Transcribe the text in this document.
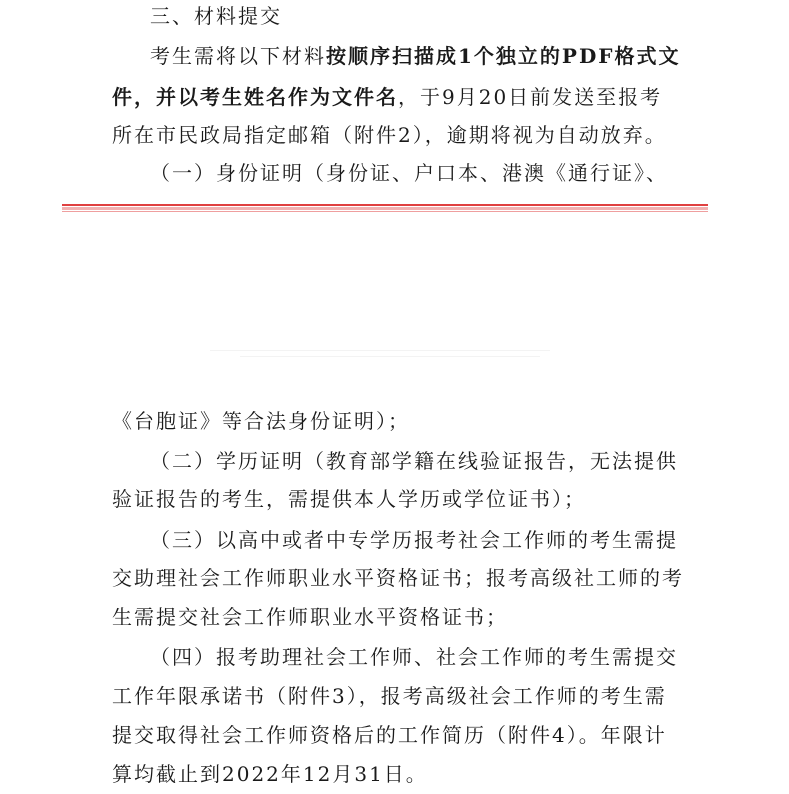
三、材料提交
考生需将以下材料按顺序扫描成1个独立的PDF格式文
件，并以考生姓名作为文件名，于9月20日前发送至报考
所在市民政局指定邮箱（附件2），逾期将视为自动放弃。
（一）身份证明（身份证、户口本、港澳《通行证》、
《台胞证》等合法身份证明）；
（二）学历证明（教育部学籍在线验证报告，无法提供
验证报告的考生，需提供本人学历或学位证书）；
（三）以高中或者中专学历报考社会工作师的考生需提
交助理社会工作师职业水平资格证书；报考高级社工师的考
生需提交社会工作师职业水平资格证书；
（四）报考助理社会工作师、社会工作师的考生需提交
工作年限承诺书（附件3），报考高级社会工作师的考生需
提交取得社会工作师资格后的工作简历（附件4）。年限计
算均截止到2022年12月31日。
